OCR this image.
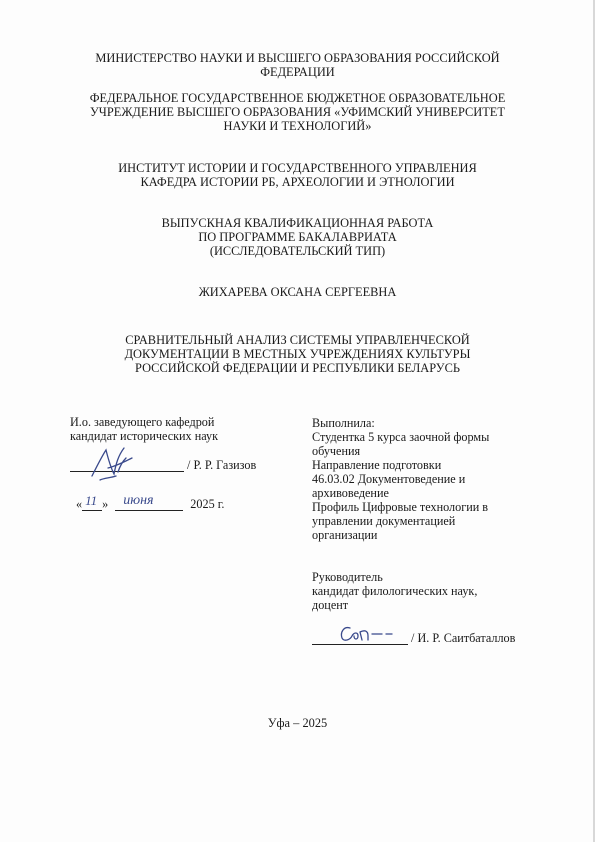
МИНИСТЕРСТВО НАУКИ И ВЫСШЕГО ОБРАЗОВАНИЯ РОССИЙСКОЙ
ФЕДЕРАЦИИ
ФЕДЕРАЛЬНОЕ ГОСУДАРСТВЕННОЕ БЮДЖЕТНОЕ ОБРАЗОВАТЕЛЬНОЕ
УЧРЕЖДЕНИЕ ВЫСШЕГО ОБРАЗОВАНИЯ «УФИМСКИЙ УНИВЕРСИТЕТ
НАУКИ И ТЕХНОЛОГИЙ»
ИНСТИТУТ ИСТОРИИ И ГОСУДАРСТВЕННОГО УПРАВЛЕНИЯ
КАФЕДРА ИСТОРИИ РБ, АРХЕОЛОГИИ И ЭТНОЛОГИИ
ВЫПУСКНАЯ КВАЛИФИКАЦИОННАЯ РАБОТА
ПО ПРОГРАММЕ БАКАЛАВРИАТА
(ИССЛЕДОВАТЕЛЬСКИЙ ТИП)
ЖИХАРЕВА ОКСАНА СЕРГЕЕВНА
СРАВНИТЕЛЬНЫЙ АНАЛИЗ СИСТЕМЫ УПРАВЛЕНЧЕСКОЙ
ДОКУМЕНТАЦИИ В МЕСТНЫХ УЧРЕЖДЕНИЯХ КУЛЬТУРЫ
РОССИЙСКОЙ ФЕДЕРАЦИИ И РЕСПУБЛИКИ БЕЛАРУСЬ
И.о. заведующего кафедрой
кандидат исторических наук
/ Р. Р. Газизов
« 11 » июня	2025 г.
Выполнила:
Студентка 5 курса заочной формы
обучения
Направление подготовки
46.03.02 Документоведение и
архивоведение
Профиль Цифровые технологии в
управлении документацией
организации
Руководитель
кандидат филологических наук,
доцент
/ И. Р. Саитбаталлов
Уфа – 2025
